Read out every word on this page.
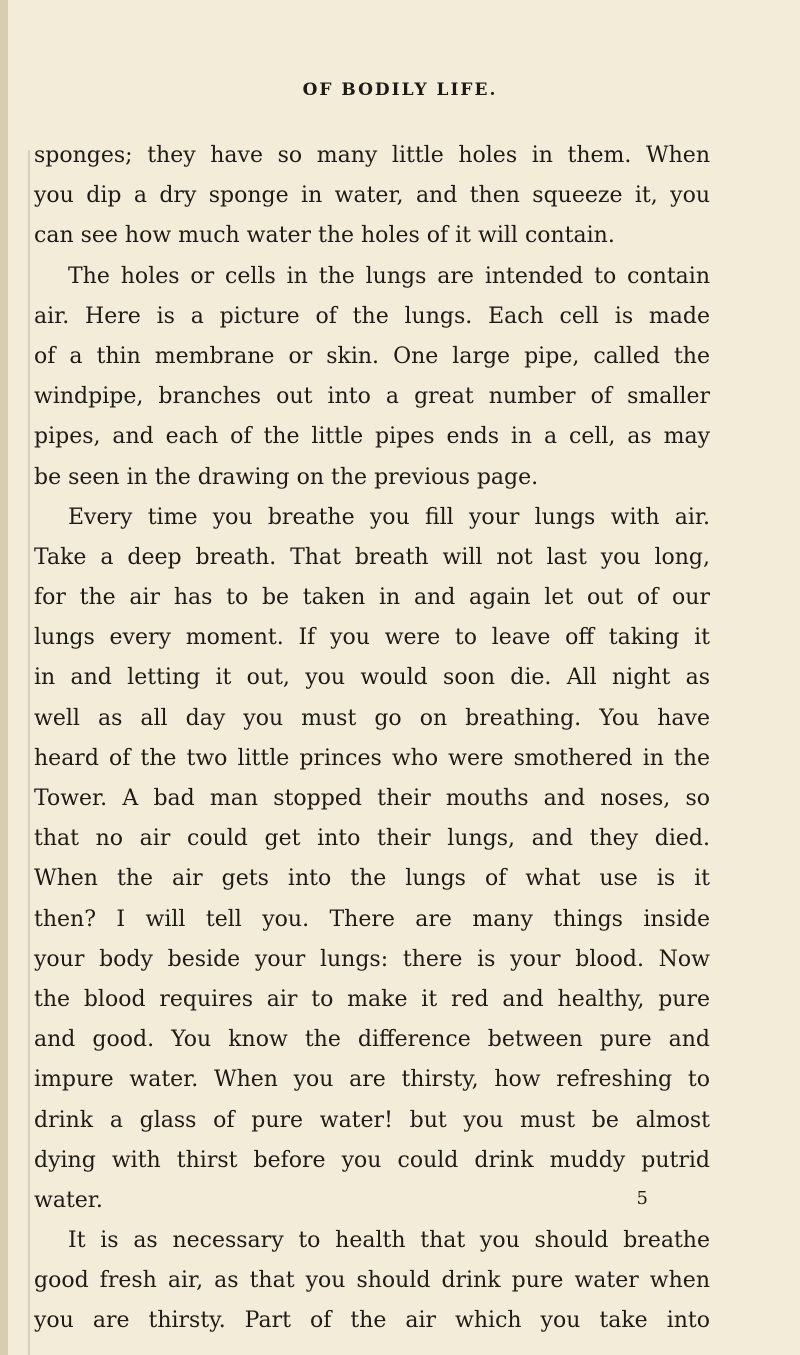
OF BODILY LIFE.
sponges; they have so many little holes in them. When
you dip a dry sponge in water, and then squeeze it, you
can see how much water the holes of it will contain.
The holes or cells in the lungs are intended to contain
air. Here is a picture of the lungs. Each cell is made
of a thin membrane or skin. One large pipe, called the
windpipe, branches out into a great number of smaller
pipes, and each of the little pipes ends in a cell, as may
be seen in the drawing on the previous page.
Every time you breathe you fill your lungs with air.
Take a deep breath. That breath will not last you long,
for the air has to be taken in and again let out of our
lungs every moment. If you were to leave off taking it
in and letting it out, you would soon die. All night as
well as all day you must go on breathing. You have
heard of the two little princes who were smothered in the
Tower. A bad man stopped their mouths and noses, so
that no air could get into their lungs, and they died.
When the air gets into the lungs of what use is it
then? I will tell you. There are many things inside
your body beside your lungs: there is your blood. Now
the blood requires air to make it red and healthy, pure
and good. You know the difference between pure and
impure water. When you are thirsty, how refreshing to
drink a glass of pure water! but you must be almost
dying with thirst before you could drink muddy putrid
water.
It is as necessary to health that you should breathe
good fresh air, as that you should drink pure water when
you are thirsty. Part of the air which you take into
5
